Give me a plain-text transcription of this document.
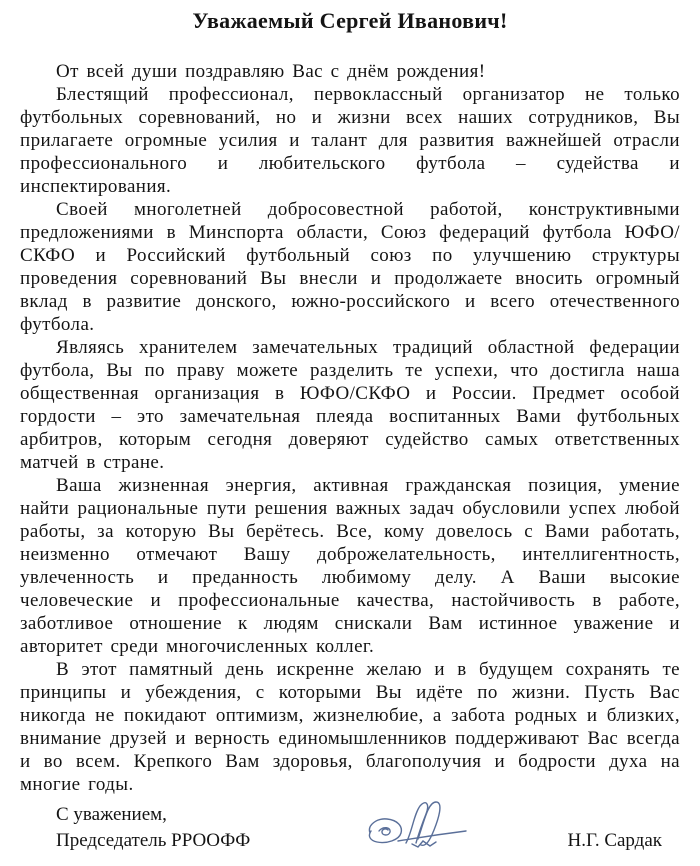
Уважаемый Сергей Иванович!

От всей души поздравляю Вас с днём рождения!

Блестящий профессионал, первоклассный организатор не только футбольных соревнований, но и жизни всех наших сотрудников, Вы прилагаете огромные усилия и талант для развития важнейшей отрасли профессионального и любительского футбола – судейства и инспектирования.

Своей многолетней добросовестной работой, конструктивными предложениями в Минспорта области, Союз федераций футбола ЮФО/СКФО и Российский футбольный союз по улучшению структуры проведения соревнований Вы внесли и продолжаете вносить огромный вклад в развитие донского, южно-российского и всего отечественного футбола.

Являясь хранителем замечательных традиций областной федерации футбола, Вы по праву можете разделить те успехи, что достигла наша общественная организация в ЮФО/СКФО и России. Предмет особой гордости – это замечательная плеяда воспитанных Вами футбольных арбитров, которым сегодня доверяют судейство самых ответственных матчей в стране.

Ваша жизненная энергия, активная гражданская позиция, умение найти рациональные пути решения важных задач обусловили успех любой работы, за которую Вы берётесь. Все, кому довелось с Вами работать, неизменно отмечают Вашу доброжелательность, интеллигентность, увлеченность и преданность любимому делу. А Ваши высокие человеческие и профессиональные качества, настойчивость в работе, заботливое отношение к людям снискали Вам истинное уважение и авторитет среди многочисленных коллег.

В этот памятный день искренне желаю и в будущем сохранять те принципы и убеждения, с которыми Вы идёте по жизни. Пусть Вас никогда не покидают оптимизм, жизнелюбие, а забота родных и близких, внимание друзей и верность единомышленников поддерживают Вас всегда и во всем. Крепкого Вам здоровья, благополучия и бодрости духа на многие годы.

С уважением,
Председатель РРООФФ	Н.Г. Сардак
